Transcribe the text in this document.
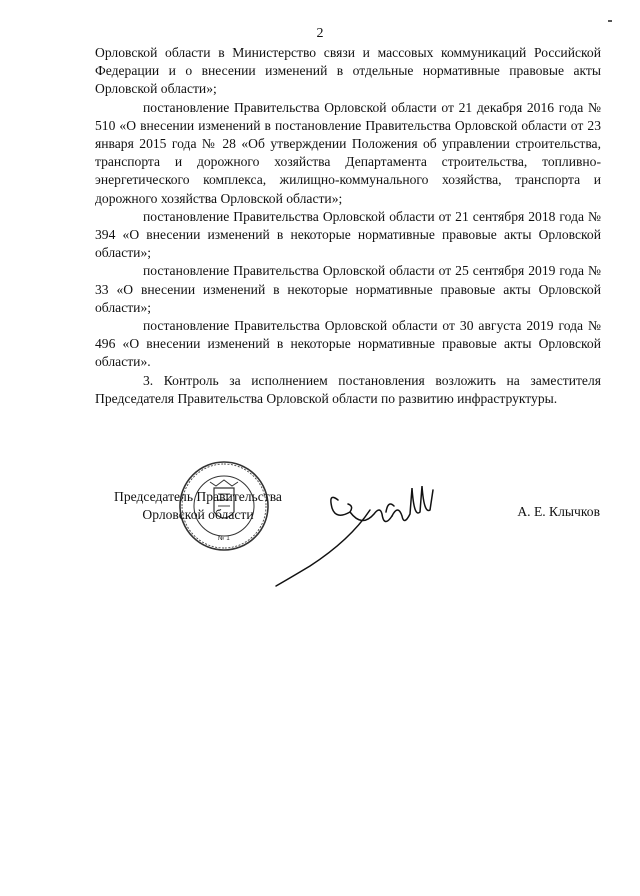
2

Орловской области в Министерство связи и массовых коммуникаций Российской Федерации и о внесении изменений в отдельные нормативные правовые акты Орловской области»;

постановление Правительства Орловской области от 21 декабря 2016 года № 510 «О внесении изменений в постановление Правительства Орловской области от 23 января 2015 года № 28 «Об утверждении Положения об управлении строительства, транспорта и дорожного хозяйства Департамента строительства, топливно-энергетического комплекса, жилищно-коммунального хозяйства, транспорта и дорожного хозяйства Орловской области»;

постановление Правительства Орловской области от 21 сентября 2018 года № 394 «О внесении изменений в некоторые нормативные правовые акты Орловской области»;

постановление Правительства Орловской области от 25 сентября 2019 года № 33 «О внесении изменений в некоторые нормативные правовые акты Орловской области»;

постановление Правительства Орловской области от 30 августа 2019 года № 496 «О внесении изменений в некоторые нормативные правовые акты Орловской области».

3. Контроль за исполнением постановления возложить на заместителя Председателя Правительства Орловской области по развитию инфраструктуры.

№ 1
Председатель Правительства
Орловской области	А. Е. Клычков
